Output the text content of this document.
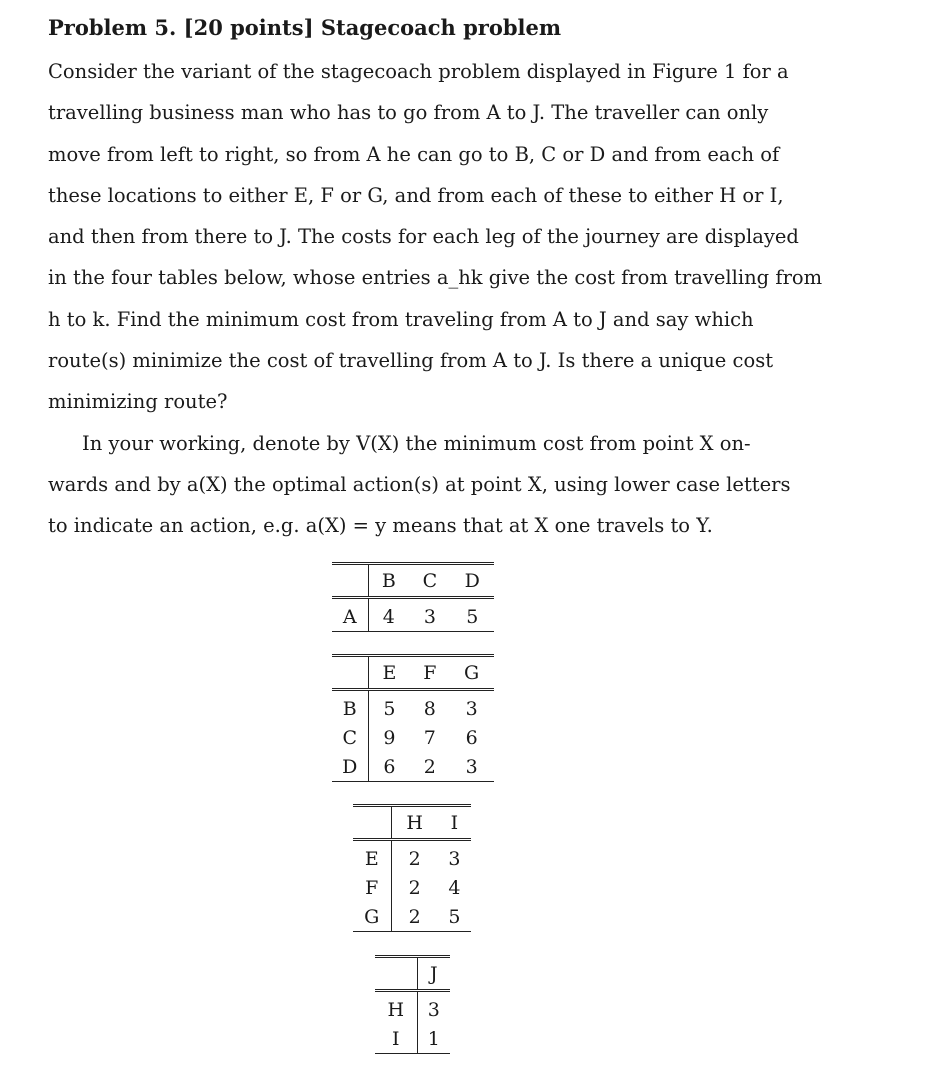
Problem 5. [20 points] Stagecoach problem

Consider the variant of the stagecoach problem displayed in Figure 1 for a
travelling business man who has to go from A to J. The traveller can only
move from left to right, so from A he can go to B, C or D and from each of
these locations to either E, F or G, and from each of these to either H or I,
and then from there to J. The costs for each leg of the journey are displayed
in the four tables below, whose entries a_hk give the cost from travelling from
h to k. Find the minimum cost from traveling from A to J and say which
route(s) minimize the cost of travelling from A to J. Is there a unique cost
minimizing route?

In your working, denote by V(X) the minimum cost from point X on-
wards and by a(X) the optimal action(s) at point X, using lower case letters
to indicate an action, e.g. a(X) = y means that at X one travels to Y.

	B	C	D
A	4	3	5
	E	F	G
B	5	8	3
C	9	7	6
D	6	2	3
	H	I
E	2	3
F	2	4
G	2	5
	J
H	3
I	1
